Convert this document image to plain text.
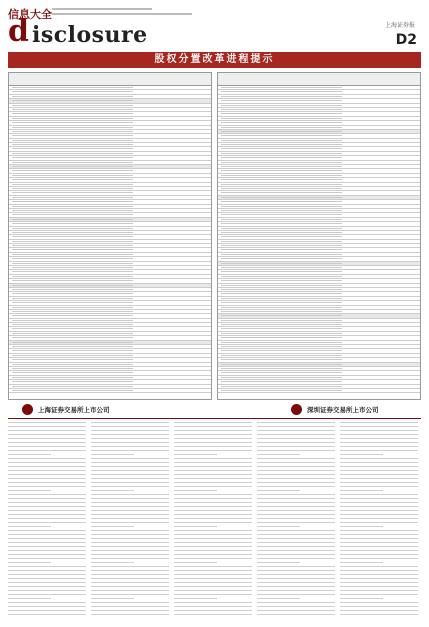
信息大全
d isclosure	上海证券报
D2
股权分置改革进程提示
上海证券交易所上市公司	深圳证券交易所上市公司
